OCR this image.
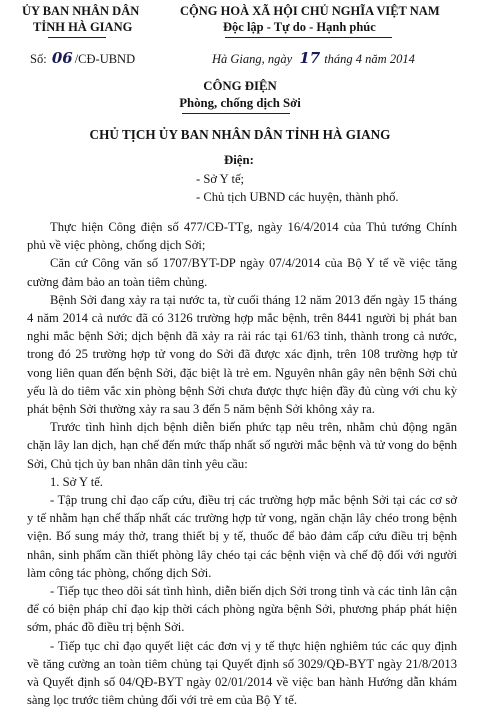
ỦY BAN NHÂN DÂN
TỈNH HÀ GIANG
Số: 06 /CĐ-UBND
CỘNG HOÀ XÃ HỘI CHỦ NGHĨA VIỆT NAM
Độc lập - Tự do - Hạnh phúc
Hà Giang, ngày 17 tháng 4 năm 2014
CÔNG ĐIỆN
Phòng, chống dịch Sởi
CHỦ TỊCH ỦY BAN NHÂN DÂN TỈNH HÀ GIANG
Điện:
- Sở Y tế;
- Chủ tịch UBND các huyện, thành phố.

Thực hiện Công điện số 477/CĐ-TTg, ngày 16/4/2014 của Thủ tướng Chính phủ về việc phòng, chống dịch Sởi;

Căn cứ Công văn số 1707/BYT-DP ngày 07/4/2014 của Bộ Y tế về việc tăng cường đảm bảo an toàn tiêm chủng.

Bệnh Sởi đang xảy ra tại nước ta, từ cuối tháng 12 năm 2013 đến ngày 15 tháng 4 năm 2014 cả nước đã có 3126 trường hợp mắc bệnh, trên 8441 người bị phát ban nghi mắc bệnh Sởi; dịch bệnh đã xảy ra rải rác tại 61/63 tỉnh, thành trong cả nước, trong đó 25 trường hợp tử vong do Sởi đã được xác định, trên 108 trường hợp tử vong liên quan đến bệnh Sởi, đặc biệt là trẻ em. Nguyên nhân gây nên bệnh Sởi chủ yếu là do tiêm vắc xin phòng bệnh Sởi chưa được thực hiện đầy đủ cùng với chu kỳ phát bệnh Sởi thường xảy ra sau 3 đến 5 năm bệnh Sởi không xảy ra.

Trước tình hình dịch bệnh diễn biến phức tạp nêu trên, nhằm chủ động ngăn chặn lây lan dịch, hạn chế đến mức thấp nhất số người mắc bệnh và tử vong do bệnh Sởi, Chủ tịch ủy ban nhân dân tỉnh yêu cầu:

1. Sở Y tế.

- Tập trung chỉ đạo cấp cứu, điều trị các trường hợp mắc bệnh Sởi tại các cơ sở y tế nhằm hạn chế thấp nhất các trường hợp tử vong, ngăn chặn lây chéo trong bệnh viện. Bố sung máy thở, trang thiết bị y tế, thuốc để bảo đảm cấp cứu điều trị bệnh nhân, sinh phẩm cần thiết phòng lây chéo tại các bệnh viện và chế độ đối với người làm công tác phòng, chống dịch Sởi.

- Tiếp tục theo dõi sát tình hình, diễn biến dịch Sởi trong tỉnh và các tỉnh lân cận để có biện pháp chỉ đạo kịp thời cách phòng ngừa bệnh Sởi, phương pháp phát hiện sớm, phác đồ điều trị bệnh Sởi.

- Tiếp tục chỉ đạo quyết liệt các đơn vị y tế thực hiện nghiêm túc các quy định về tăng cường an toàn tiêm chủng tại Quyết định số 3029/QĐ-BYT ngày 21/8/2013 và Quyết định số 04/QĐ-BYT ngày 02/01/2014 về việc ban hành Hướng dẫn khám sàng lọc trước tiêm chủng đối với trẻ em của Bộ Y tế.
